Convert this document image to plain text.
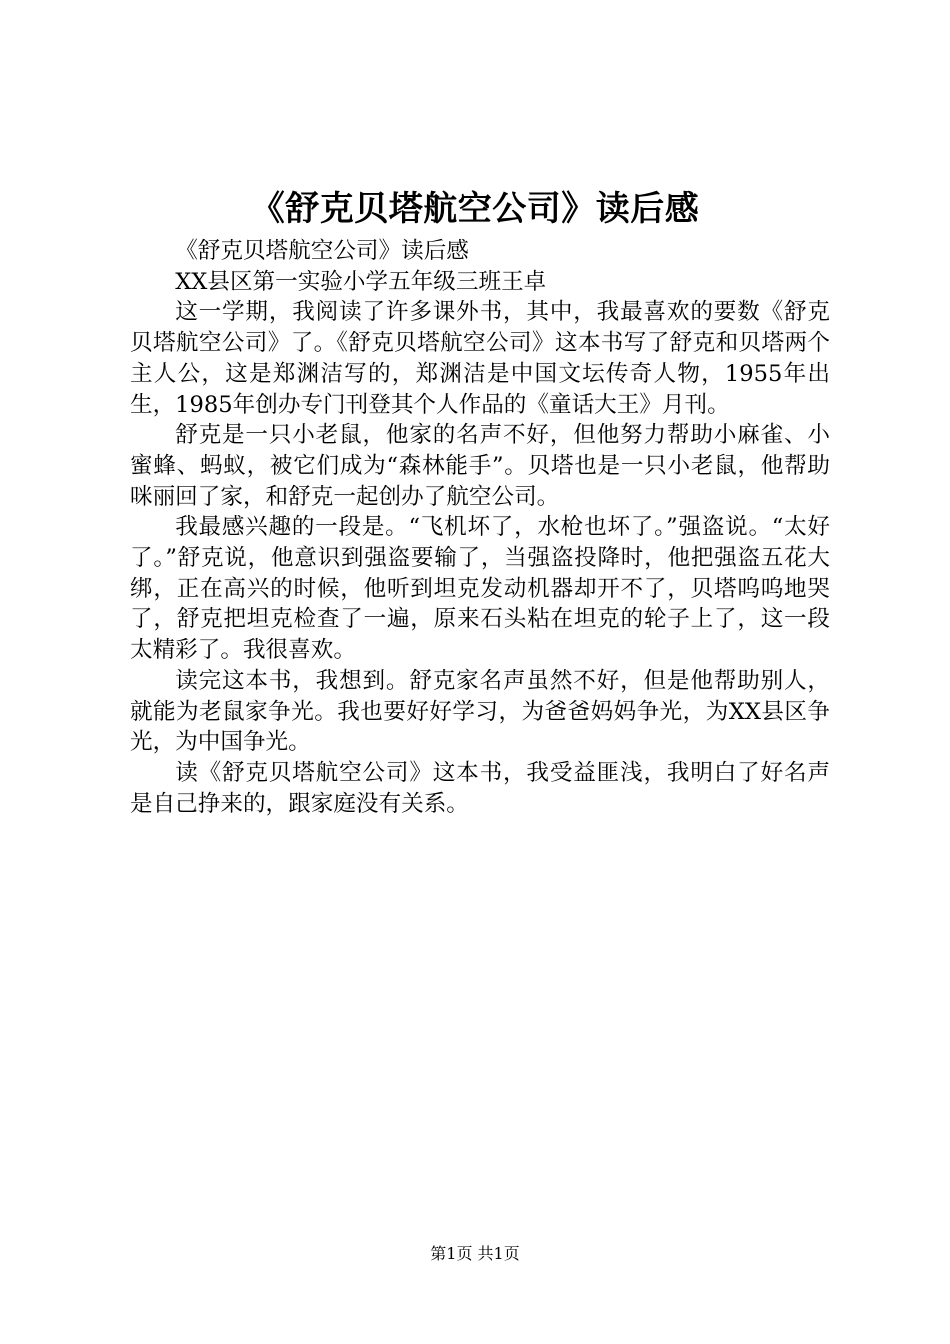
《舒克贝塔航空公司》读后感

《舒克贝塔航空公司》读后感

XX县区第一实验小学五年级三班王卓

这一学期，我阅读了许多课外书，其中，我最喜欢的要数《舒克贝塔航空公司》了。《舒克贝塔航空公司》这本书写了舒克和贝塔两个主人公，这是郑渊洁写的，郑渊洁是中国文坛传奇人物，1955年出生，1985年创办专门刊登其个人作品的《童话大王》月刊。

舒克是一只小老鼠，他家的名声不好，但他努力帮助小麻雀、小蜜蜂、蚂蚁，被它们成为“森林能手”。贝塔也是一只小老鼠，他帮助咪丽回了家，和舒克一起创办了航空公司。

我最感兴趣的一段是。“飞机坏了，水枪也坏了。”强盗说。“太好了。”舒克说，他意识到强盗要输了，当强盗投降时，他把强盗五花大绑，正在高兴的时候，他听到坦克发动机器却开不了，贝塔呜呜地哭了，舒克把坦克检查了一遍，原来石头粘在坦克的轮子上了，这一段太精彩了。我很喜欢。

读完这本书，我想到。舒克家名声虽然不好，但是他帮助别人，就能为老鼠家争光。我也要好好学习，为爸爸妈妈争光，为XX县区争光，为中国争光。

读《舒克贝塔航空公司》这本书，我受益匪浅，我明白了好名声是自己挣来的，跟家庭没有关系。

第1页 共1页
